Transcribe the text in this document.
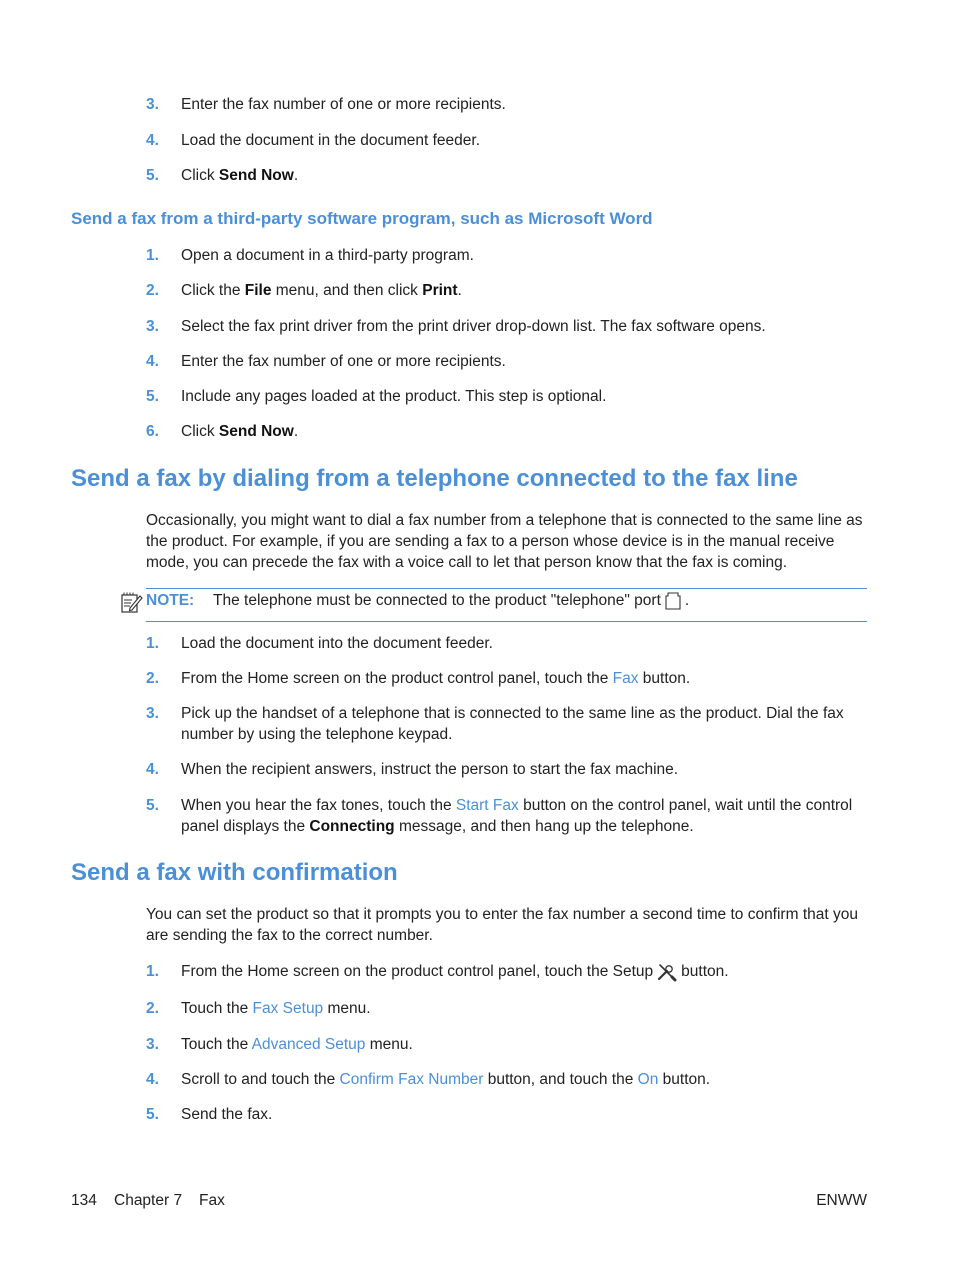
3.	Enter the fax number of one or more recipients.
4.	Load the document in the document feeder.
5.	Click Send Now.
Send a fax from a third-party software program, such as Microsoft Word
1.	Open a document in a third-party program.
2.	Click the File menu, and then click Print.
3.	Select the fax print driver from the print driver drop-down list. The fax software opens.
4.	Enter the fax number of one or more recipients.
5.	Include any pages loaded at the product. This step is optional.
6.	Click Send Now.
Send a fax by dialing from a telephone connected to the fax line
Occasionally, you might want to dial a fax number from a telephone that is connected to the same line as the product. For example, if you are sending a fax to a person whose device is in the manual receive mode, you can precede the fax with a voice call to let that person know that the fax is coming.
NOTE: The telephone must be connected to the product "telephone" port .
1.	Load the document into the document feeder.
2.	From the Home screen on the product control panel, touch the Fax button.
3.	Pick up the handset of a telephone that is connected to the same line as the product. Dial the fax number by using the telephone keypad.
4.	When the recipient answers, instruct the person to start the fax machine.
5.	When you hear the fax tones, touch the Start Fax button on the control panel, wait until the control panel displays the Connecting message, and then hang up the telephone.
Send a fax with confirmation
You can set the product so that it prompts you to enter the fax number a second time to confirm that you are sending the fax to the correct number.
1.	From the Home screen on the product control panel, touch the Setup button.
2.	Touch the Fax Setup menu.
3.	Touch the Advanced Setup menu.
4.	Scroll to and touch the Confirm Fax Number button, and touch the On button.
5.	Send the fax.
134 Chapter 7 Fax	ENWW
